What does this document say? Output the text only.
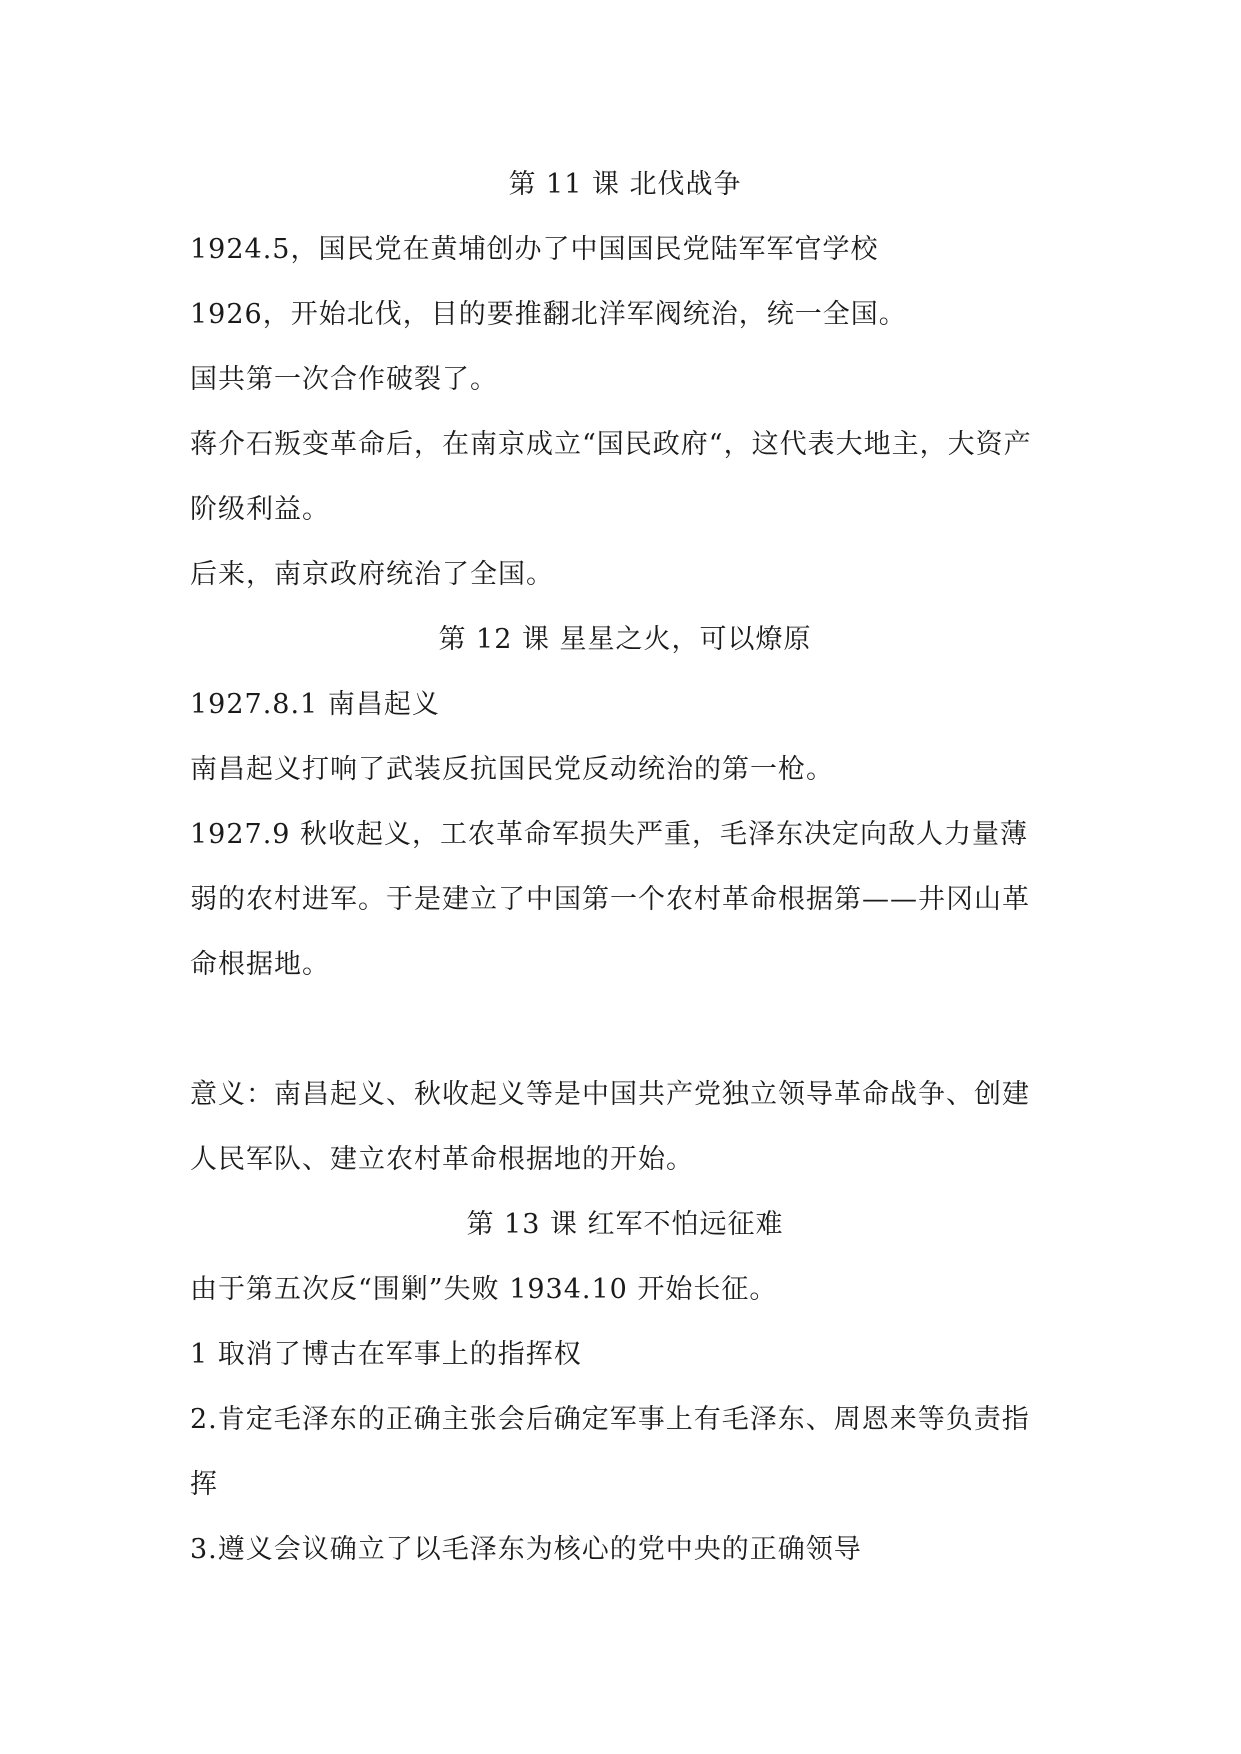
第 11 课 北伐战争
1924.5，国民党在黄埔创办了中国国民党陆军军官学校
1926，开始北伐，目的要推翻北洋军阀统治，统一全国。
国共第一次合作破裂了。
蒋介石叛变革命后，在南京成立“国民政府“，这代表大地主，大资产
阶级利益。
后来，南京政府统治了全国。
第 12 课 星星之火，可以燎原
1927.8.1 南昌起义
南昌起义打响了武装反抗国民党反动统治的第一枪。
1927.9 秋收起义，工农革命军损失严重，毛泽东决定向敌人力量薄
弱的农村进军。于是建立了中国第一个农村革命根据第——井冈山革
命根据地。
意义：南昌起义、秋收起义等是中国共产党独立领导革命战争、创建
人民军队、建立农村革命根据地的开始。
第 13 课 红军不怕远征难
由于第五次反“围剿”失败 1934.10 开始长征。
1 取消了博古在军事上的指挥权
2.肯定毛泽东的正确主张会后确定军事上有毛泽东、周恩来等负责指
挥
3.遵义会议确立了以毛泽东为核心的党中央的正确领导
